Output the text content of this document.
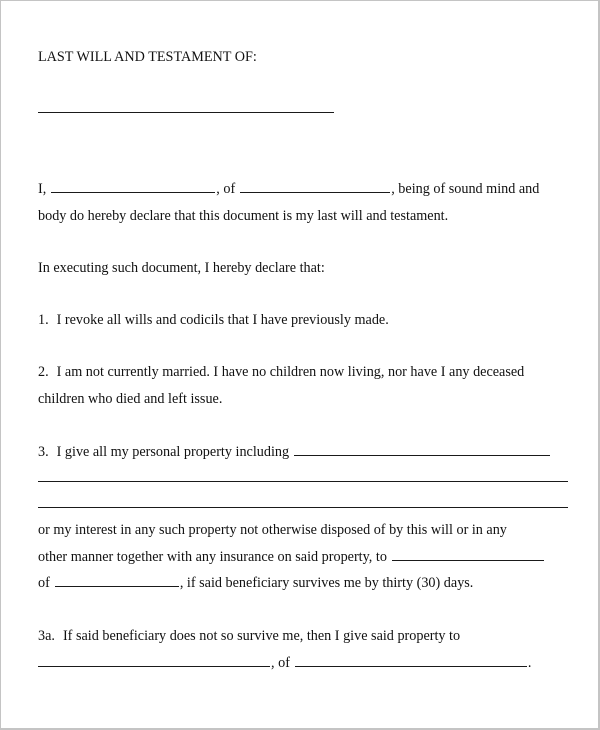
LAST WILL AND TESTAMENT OF:
I,	, of	, being of sound mind and
body do hereby declare that this document is my last will and testament.
In executing such document, I hereby declare that:
1. I revoke all wills and codicils that I have previously made.
2. I am not currently married. I have no children now living, nor have I any deceased
children who died and left issue.
3. I give all my personal property including
or my interest in any such property not otherwise disposed of by this will or in any
other manner together with any insurance on said property, to
of	, if said beneficiary survives me by thirty (30) days.
3a. If said beneficiary does not so survive me, then I give said property to
, of	.
